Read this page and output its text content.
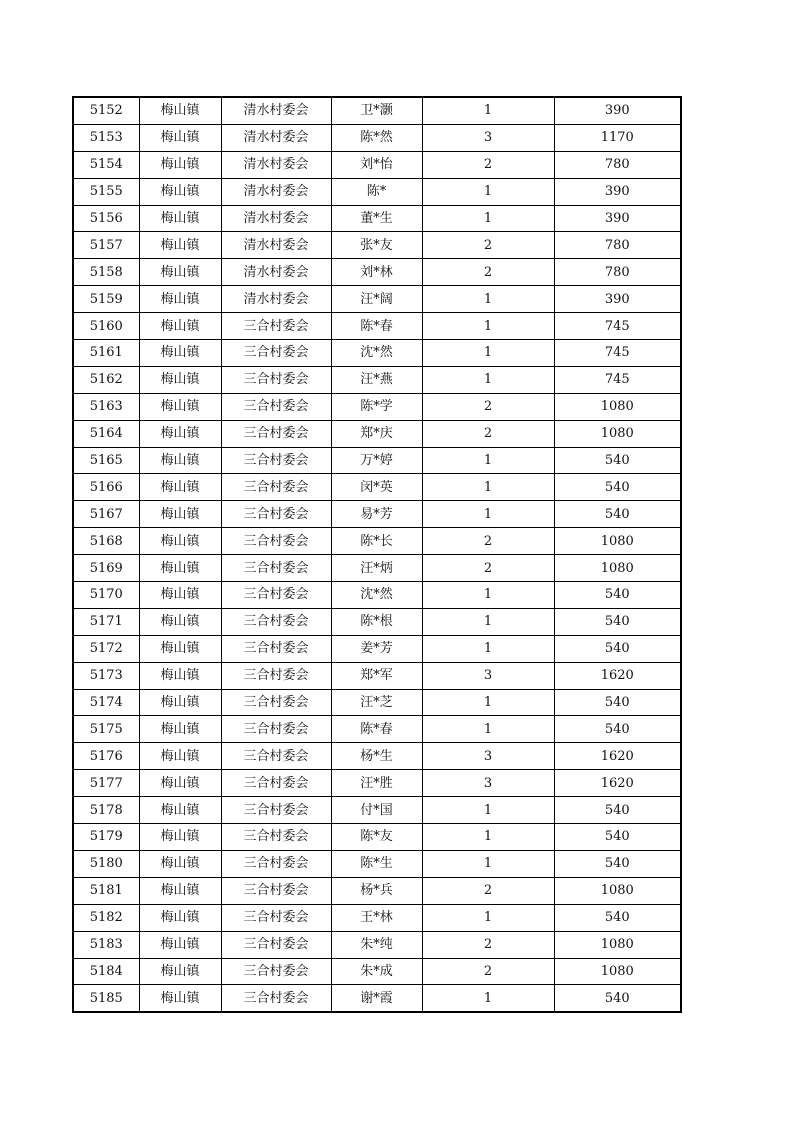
5152	梅山镇	清水村委会	卫*灏	1	390
5153	梅山镇	清水村委会	陈*然	3	1170
5154	梅山镇	清水村委会	刘*怡	2	780
5155	梅山镇	清水村委会	陈*	1	390
5156	梅山镇	清水村委会	董*生	1	390
5157	梅山镇	清水村委会	张*友	2	780
5158	梅山镇	清水村委会	刘*林	2	780
5159	梅山镇	清水村委会	汪*阔	1	390
5160	梅山镇	三合村委会	陈*春	1	745
5161	梅山镇	三合村委会	沈*然	1	745
5162	梅山镇	三合村委会	汪*燕	1	745
5163	梅山镇	三合村委会	陈*学	2	1080
5164	梅山镇	三合村委会	郑*庆	2	1080
5165	梅山镇	三合村委会	万*婷	1	540
5166	梅山镇	三合村委会	闵*英	1	540
5167	梅山镇	三合村委会	易*芳	1	540
5168	梅山镇	三合村委会	陈*长	2	1080
5169	梅山镇	三合村委会	汪*炳	2	1080
5170	梅山镇	三合村委会	沈*然	1	540
5171	梅山镇	三合村委会	陈*根	1	540
5172	梅山镇	三合村委会	姜*芳	1	540
5173	梅山镇	三合村委会	郑*军	3	1620
5174	梅山镇	三合村委会	汪*芝	1	540
5175	梅山镇	三合村委会	陈*春	1	540
5176	梅山镇	三合村委会	杨*生	3	1620
5177	梅山镇	三合村委会	汪*胜	3	1620
5178	梅山镇	三合村委会	付*国	1	540
5179	梅山镇	三合村委会	陈*友	1	540
5180	梅山镇	三合村委会	陈*生	1	540
5181	梅山镇	三合村委会	杨*兵	2	1080
5182	梅山镇	三合村委会	王*林	1	540
5183	梅山镇	三合村委会	朱*纯	2	1080
5184	梅山镇	三合村委会	朱*成	2	1080
5185	梅山镇	三合村委会	谢*霞	1	540
